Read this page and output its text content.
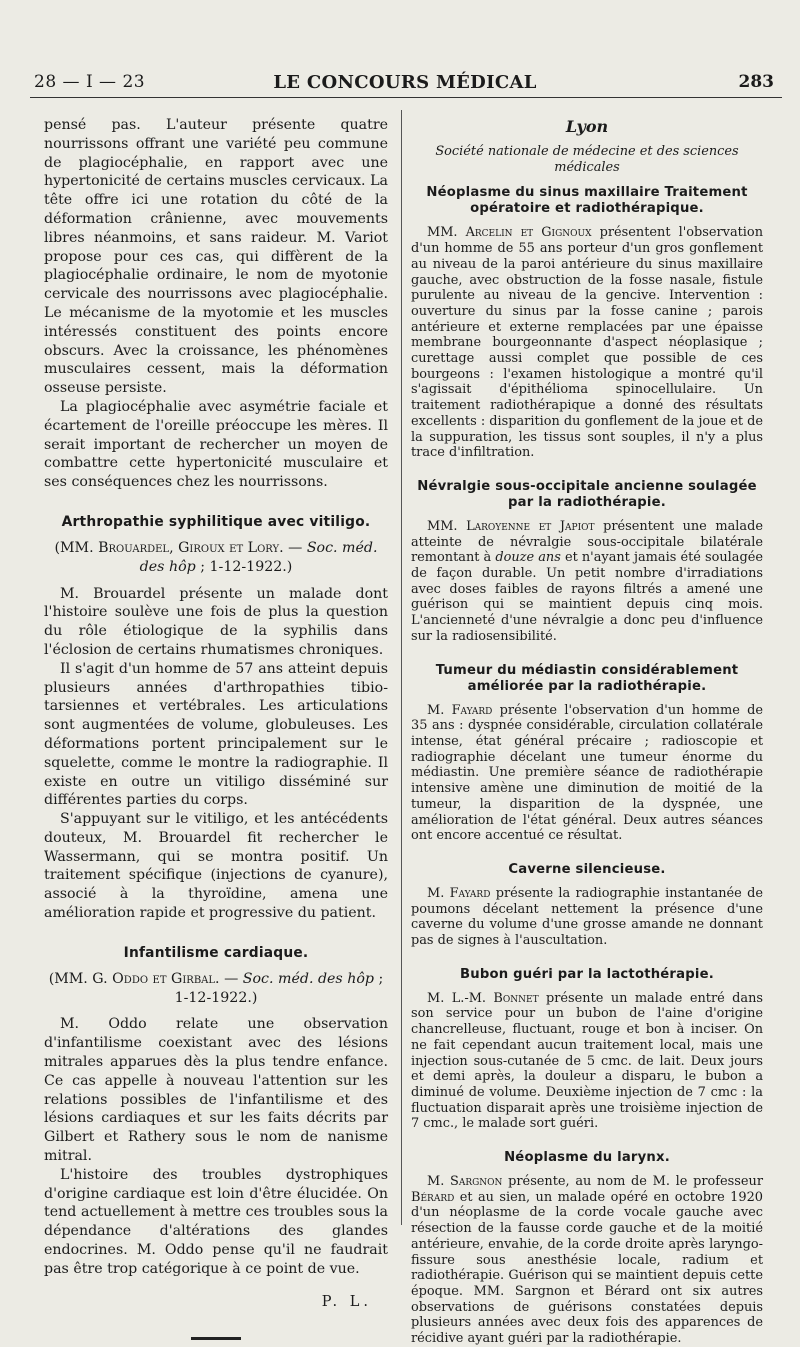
28 — I — 23	LE CONCOURS MÉDICAL	283

pensé pas. L'auteur présente quatre nourrissons offrant une variété peu commune de plagiocéphalie, en rapport avec une hypertonicité de certains muscles cervicaux. La tête offre ici une rotation du côté de la déformation crânienne, avec mouvements libres néanmoins, et sans raideur. M. Variot propose pour ces cas, qui diffèrent de la plagiocéphalie ordinaire, le nom de myotonie cervicale des nourrissons avec plagiocéphalie. Le mécanisme de la myotomie et les muscles intéressés constituent des points encore obscurs. Avec la croissance, les phénomènes musculaires cessent, mais la déformation osseuse persiste.

La plagiocéphalie avec asymétrie faciale et écartement de l'oreille préoccupe les mères. Il serait important de rechercher un moyen de combattre cette hypertonicité musculaire et ses conséquences chez les nourrissons.

Arthropathie syphilitique avec vitiligo.

(MM. Brouardel, Giroux et Lory. — Soc. méd. des hôp ; 1-12-1922.)

M. Brouardel présente un malade dont l'histoire soulève une fois de plus la question du rôle étiologique de la syphilis dans l'éclosion de certains rhumatismes chroniques.

Il s'agit d'un homme de 57 ans atteint depuis plusieurs années d'arthropathies tibio-tarsiennes et vertébrales. Les articulations sont augmentées de volume, globuleuses. Les déformations portent principalement sur le squelette, comme le montre la radiographie. Il existe en outre un vitiligo disséminé sur différentes parties du corps.

S'appuyant sur le vitiligo, et les antécédents douteux, M. Brouardel fit rechercher le Wassermann, qui se montra positif. Un traitement spécifique (injections de cyanure), associé à la thyroïdine, amena une amélioration rapide et progressive du patient.

Infantilisme cardiaque.

(MM. G. Oddo et Girbal. — Soc. méd. des hôp ; 1-12-1922.)

M. Oddo relate une observation d'infantilisme coexistant avec des lésions mitrales apparues dès la plus tendre enfance. Ce cas appelle à nouveau l'attention sur les relations possibles de l'infantilisme et des lésions cardiaques et sur les faits décrits par Gilbert et Rathery sous le nom de nanisme mitral.

L'histoire des troubles dystrophiques d'origine cardiaque est loin d'être élucidée. On tend actuellement à mettre ces troubles sous la dépendance d'altérations des glandes endocrines. M. Oddo pense qu'il ne faudrait pas être trop catégorique à ce point de vue.

P. L.

Lyon

Société nationale de médecine et des sciences médicales

Néoplasme du sinus maxillaire Traitement opératoire et radiothérapique.

MM. Arcelin et Gignoux présentent l'observation d'un homme de 55 ans porteur d'un gros gonflement au niveau de la paroi antérieure du sinus maxillaire gauche, avec obstruction de la fosse nasale, fistule purulente au niveau de la gencive. Intervention : ouverture du sinus par la fosse canine ; parois antérieure et externe remplacées par une épaisse membrane bourgeonnante d'aspect néoplasique ; curettage aussi complet que possible de ces bourgeons : l'examen histologique a montré qu'il s'agissait d'épithélioma spinocellulaire. Un traitement radiothérapique a donné des résultats excellents : disparition du gonflement de la joue et de la suppuration, les tissus sont souples, il n'y a plus trace d'infiltration.

Névralgie sous-occipitale ancienne soulagée par la radiothérapie.

MM. Laroyenne et Japiot présentent une malade atteinte de névralgie sous-occipitale bilatérale remontant à douze ans et n'ayant jamais été soulagée de façon durable. Un petit nombre d'irradiations avec doses faibles de rayons filtrés a amené une guérison qui se maintient depuis cinq mois. L'ancienneté d'une névralgie a donc peu d'influence sur la radiosensibilité.

Tumeur du médiastin considérablement améliorée par la radiothérapie.

M. Fayard présente l'observation d'un homme de 35 ans : dyspnée considérable, circulation collatérale intense, état général précaire ; radioscopie et radiographie décelant une tumeur énorme du médiastin. Une première séance de radiothérapie intensive amène une diminution de moitié de la tumeur, la disparition de la dyspnée, une amélioration de l'état général. Deux autres séances ont encore accentué ce résultat.

Caverne silencieuse.

M. Fayard présente la radiographie instantanée de poumons décelant nettement la présence d'une caverne du volume d'une grosse amande ne donnant pas de signes à l'auscultation.

Bubon guéri par la lactothérapie.

M. L.-M. Bonnet présente un malade entré dans son service pour un bubon de l'aine d'origine chancrelleuse, fluctuant, rouge et bon à inciser. On ne fait cependant aucun traitement local, mais une injection sous-cutanée de 5 cmc. de lait. Deux jours et demi après, la douleur a disparu, le bubon a diminué de volume. Deuxième injection de 7 cmc : la fluctuation disparait après une troisième injection de 7 cmc., le malade sort guéri.

Néoplasme du larynx.

M. Sargnon présente, au nom de M. le professeur Bérard et au sien, un malade opéré en octobre 1920 d'un néoplasme de la corde vocale gauche avec résection de la fausse corde gauche et de la moitié antérieure, envahie, de la corde droite après laryngo-fissure sous anesthésie locale, radium et radiothérapie. Guérison qui se maintient depuis cette époque. MM. Sargnon et Bérard ont six autres observations de guérisons constatées depuis plusieurs années avec deux fois des apparences de récidive ayant guéri par la radiothérapie.
